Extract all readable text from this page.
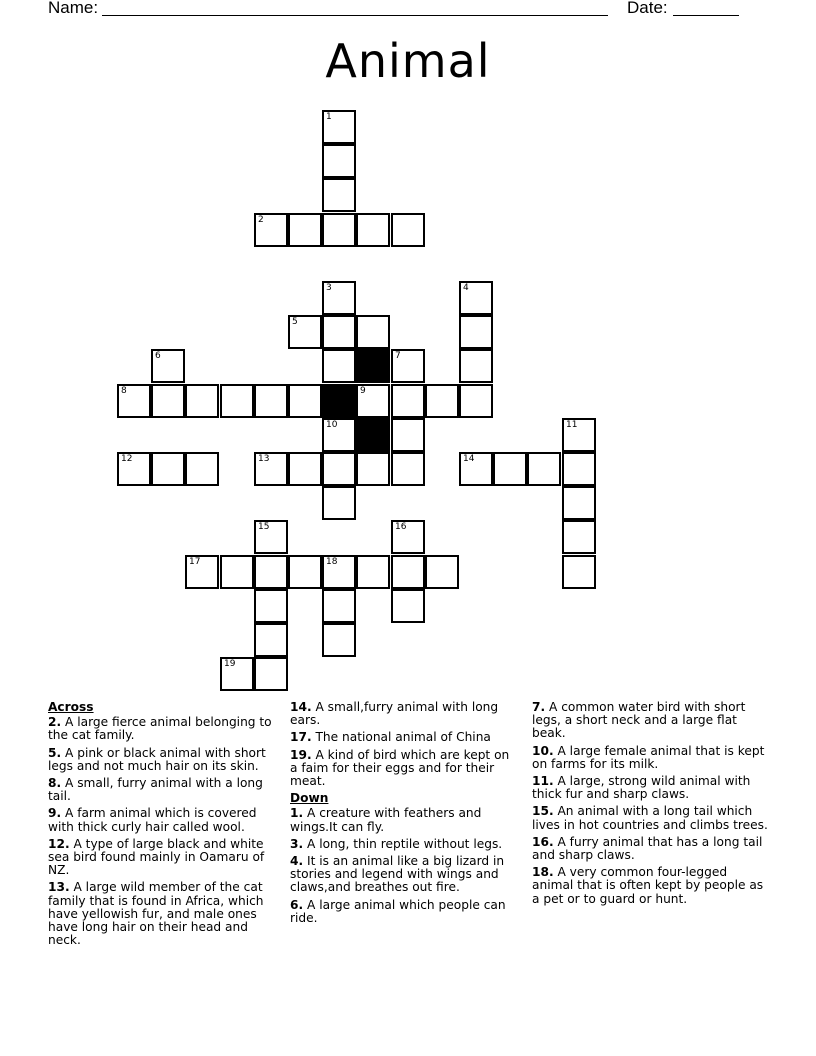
Name:	Date:
Animal
1
2
3	4
5
6	7
8	9
10	11
12	13	14
15	16
17	18
19
Across
2. A large fierce animal belonging to the cat family.
5. A pink or black animal with short legs and not much hair on its skin.
8. A small, furry animal with a long tail.
9. A farm animal which is covered with thick curly hair called wool.
12. A type of large black and white sea bird found mainly in Oamaru of NZ.
13. A large wild member of the cat family that is found in Africa, which have yellowish fur, and male ones have long hair on their head and neck.
14. A small,furry animal with long ears.
17. The national animal of China
19. A kind of bird which are kept on a faim for their eggs and for their meat.
Down
1. A creature with feathers and wings.It can fly.
3. A long, thin reptile without legs.
4. It is an animal like a big lizard in stories and legend with wings and claws,and breathes out fire.
6. A large animal which people can ride.
7. A common water bird with short legs, a short neck and a large flat beak.
10. A large female animal that is kept on farms for its milk.
11. A large, strong wild animal with thick fur and sharp claws.
15. An animal with a long tail which lives in hot countries and climbs trees.
16. A furry animal that has a long tail and sharp claws.
18. A very common four-legged animal that is often kept by people as a pet or to guard or hunt.
